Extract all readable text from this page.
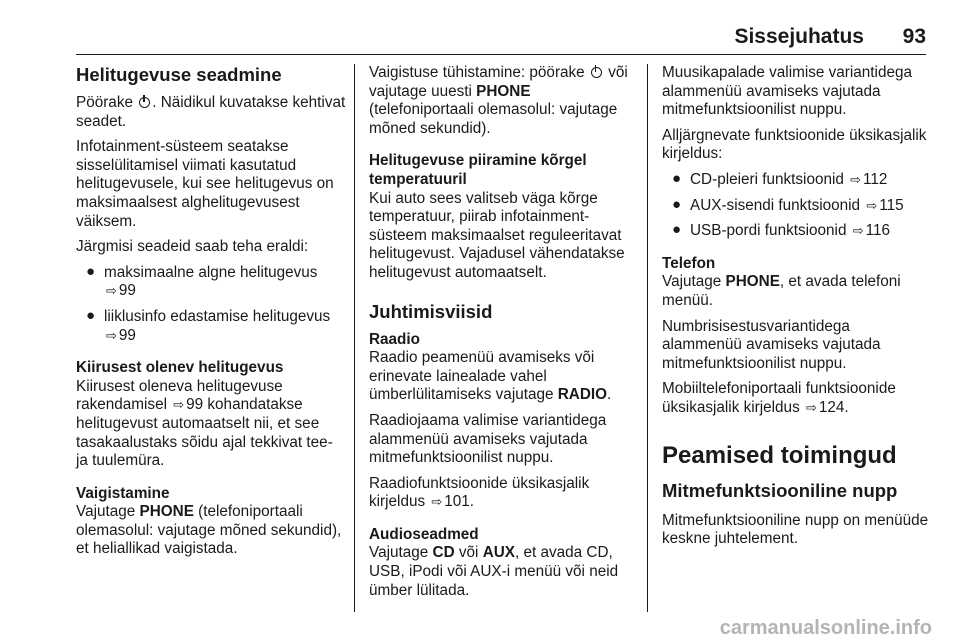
Sissejuhatus 93
Helitugevuse seadmine

Pöörake . Näidikul kuvatakse kehtivat seadet.

Infotainment-süsteem seatakse sisselülitamisel viimati kasutatud helitugevusele, kui see helitugevus on maksimaalsest alghelitugevusest väiksem.

Järgmisi seadeid saab teha eraldi:

● maksimaalne algne helitugevus
⇨ 99
● liiklusinfo edastamise helitugevus ⇨ 99
Kiirusest olenev helitugevus

Kiirusest oleneva helitugevuse rakendamisel ⇨ 99 kohandatakse helitugevust automaatselt nii, et see tasakaalustaks sõidu ajal tekkivat tee- ja tuulemüra.

Vaigistamine

Vajutage PHONE (telefoniportaali olemasolul: vajutage mõned sekundid), et heliallikad vaigistada.

Vaigistuse tühistamine: pöörake või vajutage uuesti PHONE (telefoniportaali olemasolul: vajutage mõned sekundid).

Helitugevuse piiramine kõrgel temperatuuril

Kui auto sees valitseb väga kõrge temperatuur, piirab infotainment-süsteem maksimaalset reguleeritavat helitugevust. Vajadusel vähendatakse helitugevust automaatselt.

Juhtimisviisid
Raadio

Raadio peamenüü avamiseks või erinevate lainealade vahel ümberlülitamiseks vajutage RADIO.

Raadiojaama valimise variantidega alammenüü avamiseks vajutada mitmefunktsioonilist nuppu.

Raadiofunktsioonide üksikasjalik kirjeldus ⇨ 101.

Audioseadmed

Vajutage CD või AUX, et avada CD, USB, iPodi või AUX-i menüü või neid ümber lülitada.

Muusikapalade valimise variantidega alammenüü avamiseks vajutada mitmefunktsioonilist nuppu.

Alljärgnevate funktsioonide üksikasjalik kirjeldus:

● CD-pleieri funktsioonid ⇨ 112
● AUX-sisendi funktsioonid ⇨ 115
● USB-pordi funktsioonid ⇨ 116
Telefon

Vajutage PHONE, et avada telefoni menüü.

Numbrisisestusvariantidega alammenüü avamiseks vajutada mitmefunktsioonilist nuppu.

Mobiiltelefoniportaali funktsioonide üksikasjalik kirjeldus ⇨ 124.

Peamised toimingud
Mitmefunktsiooniline nupp

Mitmefunktsiooniline nupp on menüüde keskne juhtelement.

carmanualsonline.info
